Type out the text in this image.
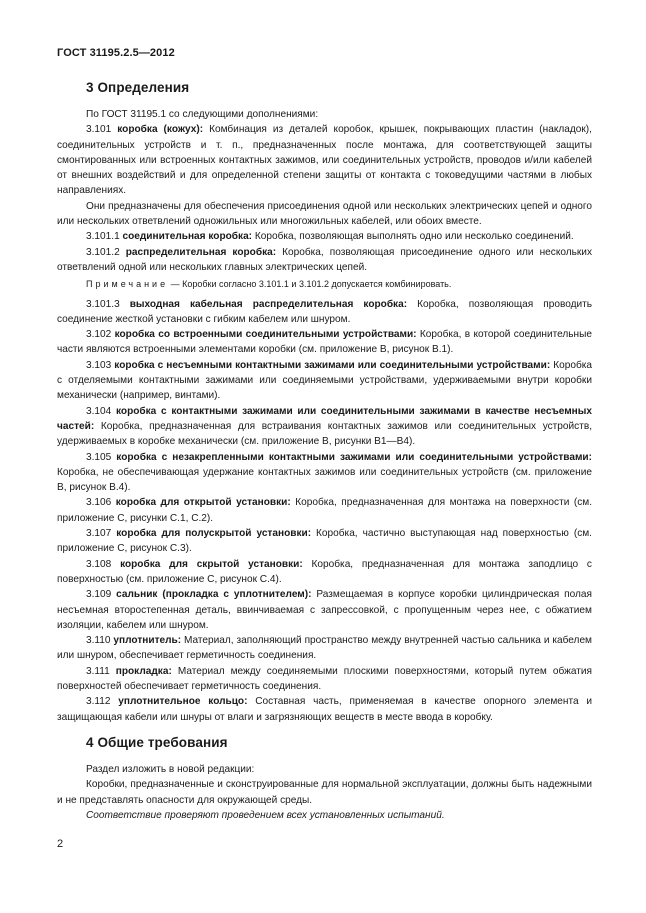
ГОСТ 31195.2.5—2012
3 Определения

По ГОСТ 31195.1 со следующими дополнениями:

3.101 коробка (кожух): Комбинация из деталей коробок, крышек, покрывающих пластин (накладок), соединительных устройств и т. п., предназначенных после монтажа, для соответствующей защиты смонтированных или встроенных контактных зажимов, или соединительных устройств, проводов и/или кабелей от внешних воздействий и для определенной степени защиты от контакта с токоведущими частями в любых направлениях.

Они предназначены для обеспечения присоединения одной или нескольких электрических цепей и одного или нескольких ответвлений одножильных или многожильных кабелей, или обоих вместе.

3.101.1 соединительная коробка: Коробка, позволяющая выполнять одно или несколько соединений.

3.101.2 распределительная коробка: Коробка, позволяющая присоединение одного или нескольких ответвлений одной или нескольких главных электрических цепей.

Примечание — Коробки согласно 3.101.1 и 3.101.2 допускается комбинировать.

3.101.3 выходная кабельная распределительная коробка: Коробка, позволяющая проводить соединение жесткой установки с гибким кабелем или шнуром.

3.102 коробка со встроенными соединительными устройствами: Коробка, в которой соединительные части являются встроенными элементами коробки (см. приложение В, рисунок В.1).

3.103 коробка с несъемными контактными зажимами или соединительными устройствами: Коробка с отделяемыми контактными зажимами или соединяемыми устройствами, удерживаемыми внутри коробки механически (например, винтами).

3.104 коробка с контактными зажимами или соединительными зажимами в качестве несъемных частей: Коробка, предназначенная для встраивания контактных зажимов или соединительных устройств, удерживаемых в коробке механически (см. приложение В, рисунки В1—В4).

3.105 коробка с незакрепленными контактными зажимами или соединительными устройствами: Коробка, не обеспечивающая удержание контактных зажимов или соединительных устройств (см. приложение В, рисунок В.4).

3.106 коробка для открытой установки: Коробка, предназначенная для монтажа на поверхности (см. приложение С, рисунки С.1, С.2).

3.107 коробка для полускрытой установки: Коробка, частично выступающая над поверхностью (см. приложение С, рисунок С.3).

3.108 коробка для скрытой установки: Коробка, предназначенная для монтажа заподлицо с поверхностью (см. приложение С, рисунок С.4).

3.109 сальник (прокладка с уплотнителем): Размещаемая в корпусе коробки цилиндрическая полая несъемная второстепенная деталь, ввинчиваемая с запрессовкой, с пропущенным через нее, с обжатием изоляции, кабелем или шнуром.

3.110 уплотнитель: Материал, заполняющий пространство между внутренней частью сальника и кабелем или шнуром, обеспечивает герметичность соединения.

3.111 прокладка: Материал между соединяемыми плоскими поверхностями, который путем обжатия поверхностей обеспечивает герметичность соединения.

3.112 уплотнительное кольцо: Составная часть, применяемая в качестве опорного элемента и защищающая кабели или шнуры от влаги и загрязняющих веществ в месте ввода в коробку.

4 Общие требования

Раздел изложить в новой редакции:

Коробки, предназначенные и сконструированные для нормальной эксплуатации, должны быть надежными и не представлять опасности для окружающей среды.

Соответствие проверяют проведением всех установленных испытаний.

2
